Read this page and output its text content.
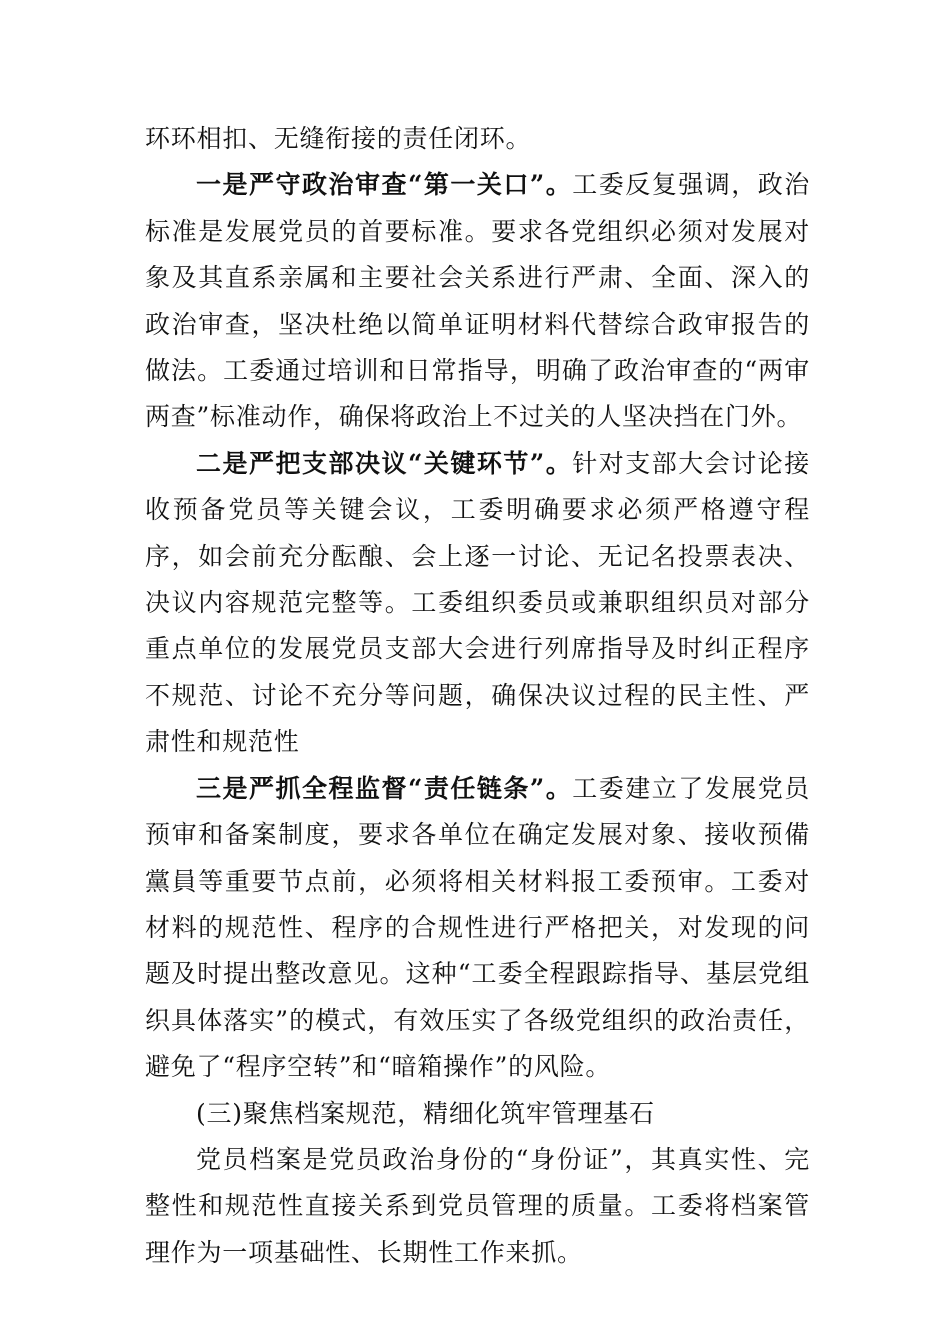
环环相扣、无缝衔接的责任闭环。

一是严守政治审查“第一关口”。工委反复强调，政治标准是发展党员的首要标准。要求各党组织必须对发展对象及其直系亲属和主要社会关系进行严肃、全面、深入的政治审查，坚决杜绝以简单证明材料代替综合政审报告的做法。工委通过培训和日常指导，明确了政治审查的“两审两查”标准动作，确保将政治上不过关的人坚决挡在门外。

二是严把支部决议“关键环节”。针对支部大会讨论接收预备党员等关键会议，工委明确要求必须严格遵守程序，如会前充分酝酿、会上逐一讨论、无记名投票表决、决议内容规范完整等。工委组织委员或兼职组织员对部分重点单位的发展党员支部大会进行列席指导及时纠正程序不规范、讨论不充分等问题，确保决议过程的民主性、严肃性和规范性

三是严抓全程监督“责任链条”。工委建立了发展党员预审和备案制度，要求各单位在确定发展对象、接收预備黨員等重要节点前，必须将相关材料报工委预审。工委对材料的规范性、程序的合规性进行严格把关，对发现的问题及时提出整改意见。这种“工委全程跟踪指导、基层党组织具体落实”的模式，有效压实了各级党组织的政治责任，避免了“程序空转”和“暗箱操作”的风险。

(三)聚焦档案规范，精细化筑牢管理基石

党员档案是党员政治身份的“身份证”，其真实性、完整性和规范性直接关系到党员管理的质量。工委将档案管理作为一项基础性、长期性工作来抓。
